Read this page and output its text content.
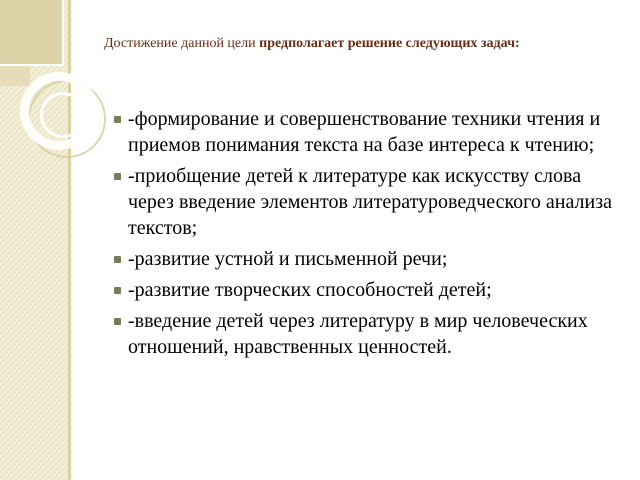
Достижение данной цели предполагает решение следующих задач:
-формирование и совершенствование техники чтения и приемов понимания текста на базе интереса к чтению;
-приобщение детей к литературе как искусству слова через введение элементов литературоведческого анализа текстов;
-развитие устной и письменной речи;
-развитие творческих способностей детей;
-введение детей через литературу в мир человеческих отношений, нравственных ценностей.
